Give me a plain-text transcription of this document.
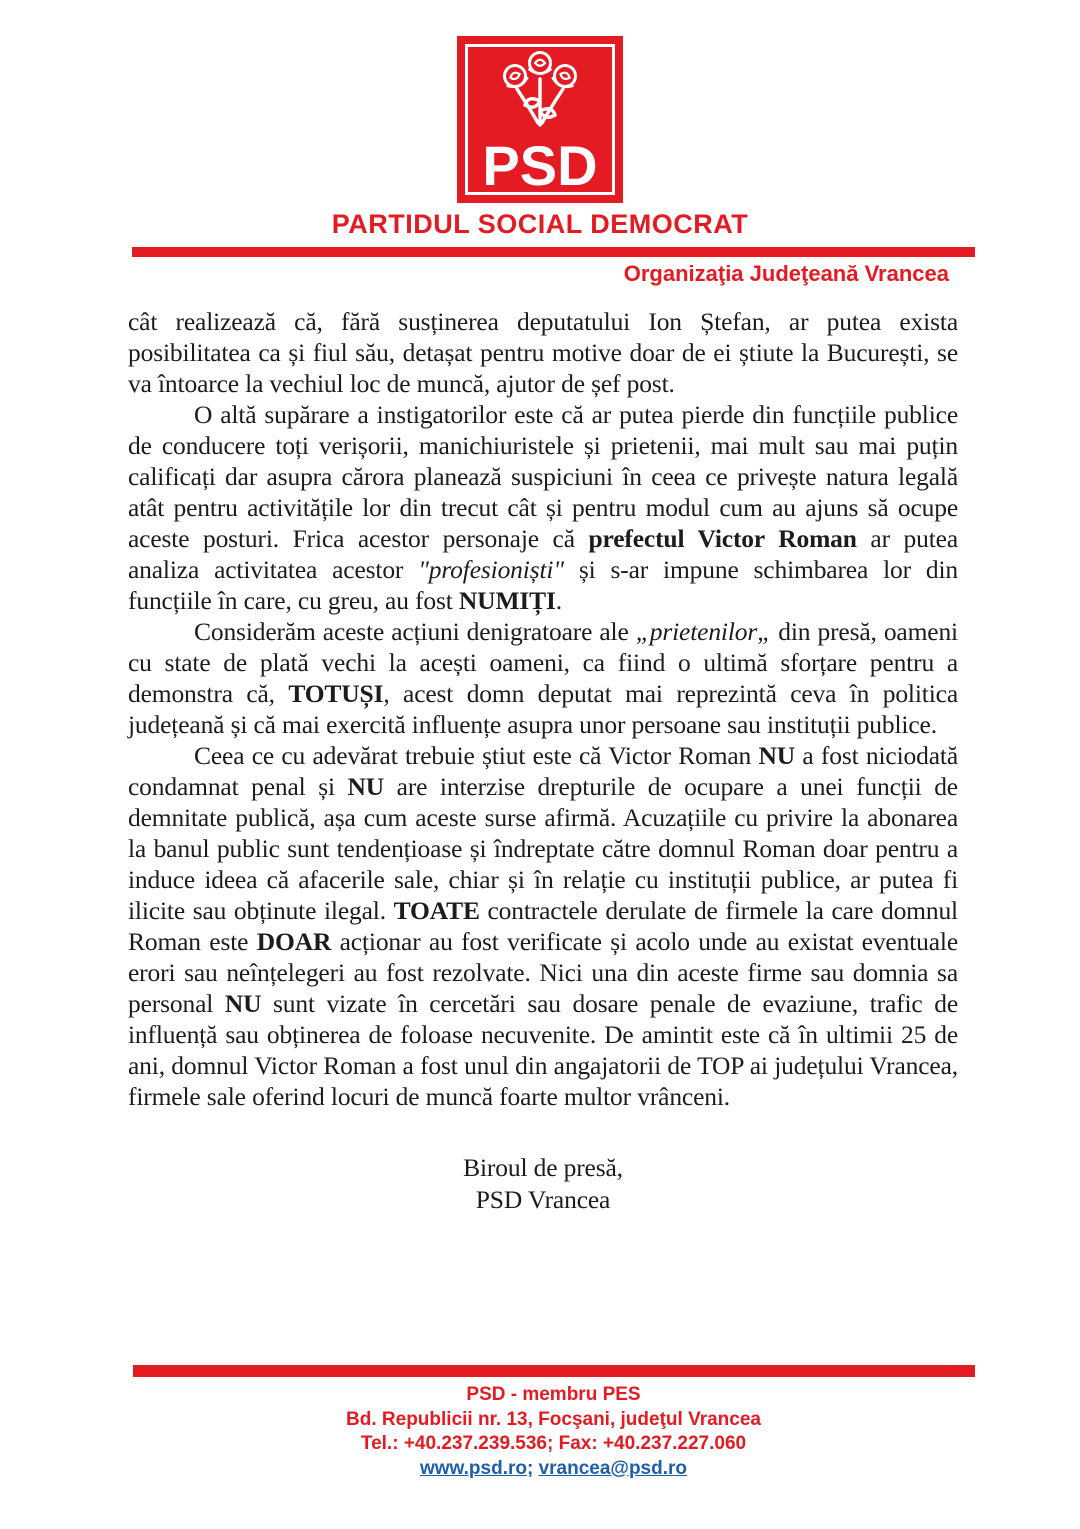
PSD
PARTIDUL SOCIAL DEMOCRAT
Organizaţia Judeţeană Vrancea

cât realizează că, fără susținerea deputatului Ion Ștefan, ar putea exista posibilitatea ca și fiul său, detașat pentru motive doar de ei știute la București, se va întoarce la vechiul loc de muncă, ajutor de șef post.

O altă supărare a instigatorilor este că ar putea pierde din funcțiile publice de conducere toți verișorii, manichiuristele și prietenii, mai mult sau mai puțin calificați dar asupra cărora planează suspiciuni în ceea ce privește natura legală atât pentru activitățile lor din trecut cât și pentru modul cum au ajuns să ocupe aceste posturi. Frica acestor personaje că prefectul Victor Roman ar putea analiza activitatea acestor "profesioniști" și s-ar impune schimbarea lor din funcțiile în care, cu greu, au fost NUMIȚI.

Considerăm aceste acțiuni denigratoare ale „prietenilor„ din presă, oameni cu state de plată vechi la acești oameni, ca fiind o ultimă sforțare pentru a demonstra că, TOTUȘI, acest domn deputat mai reprezintă ceva în politica județeană și că mai exercită influențe asupra unor persoane sau instituții publice.

Ceea ce cu adevărat trebuie știut este că Victor Roman NU a fost niciodată condamnat penal și NU are interzise drepturile de ocupare a unei funcții de demnitate publică, așa cum aceste surse afirmă. Acuzațiile cu privire la abonarea la banul public sunt tendențioase și îndreptate către domnul Roman doar pentru a induce ideea că afacerile sale, chiar și în relație cu instituții publice, ar putea fi ilicite sau obținute ilegal. TOATE contractele derulate de firmele la care domnul Roman este DOAR acționar au fost verificate și acolo unde au existat eventuale erori sau neînțelegeri au fost rezolvate. Nici una din aceste firme sau domnia sa personal NU sunt vizate în cercetări sau dosare penale de evaziune, trafic de influență sau obținerea de foloase necuvenite. De amintit este că în ultimii 25 de ani, domnul Victor Roman a fost unul din angajatorii de TOP ai județului Vrancea, firmele sale oferind locuri de muncă foarte multor vrânceni.

Biroul de presă,
PSD Vrancea
PSD - membru PES
Bd. Republicii nr. 13, Focşani, judeţul Vrancea
Tel.: +40.237.239.536; Fax: +40.237.227.060
www.psd.ro; vrancea@psd.ro
